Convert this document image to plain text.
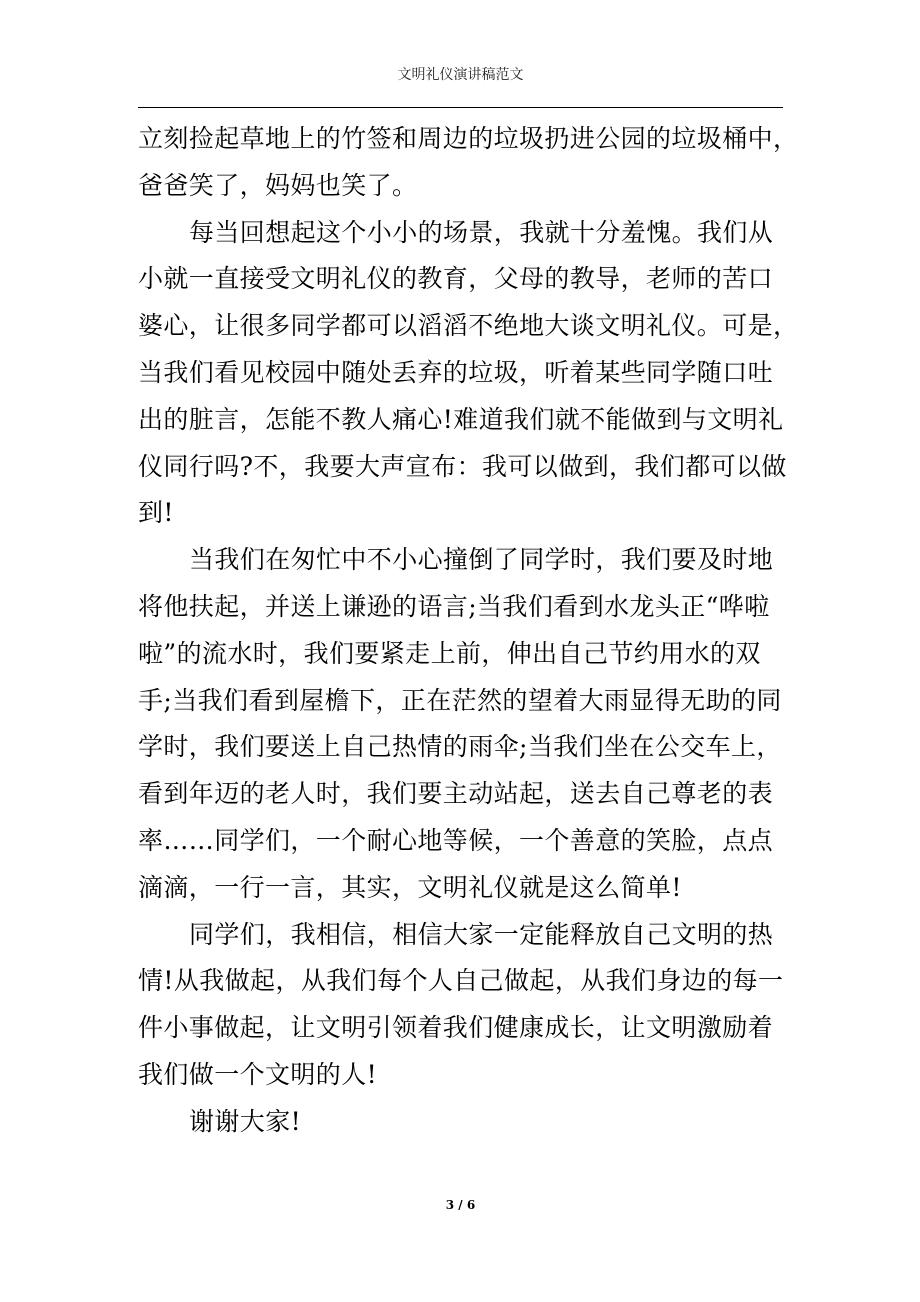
文明礼仪演讲稿范文
立刻捡起草地上的竹签和周边的垃圾扔进公园的垃圾桶中，
爸爸笑了，妈妈也笑了。
每当回想起这个小小的场景，我就十分羞愧。我们从
小就一直接受文明礼仪的教育，父母的教导，老师的苦口
婆心，让很多同学都可以滔滔不绝地大谈文明礼仪。可是，
当我们看见校园中随处丢弃的垃圾，听着某些同学随口吐
出的脏言，怎能不教人痛心!难道我们就不能做到与文明礼
仪同行吗?不，我要大声宣布：我可以做到，我们都可以做
到!
当我们在匆忙中不小心撞倒了同学时，我们要及时地
将他扶起，并送上谦逊的语言;当我们看到水龙头正“哗啦
啦”的流水时，我们要紧走上前，伸出自己节约用水的双
手;当我们看到屋檐下，正在茫然的望着大雨显得无助的同
学时，我们要送上自己热情的雨伞;当我们坐在公交车上，
看到年迈的老人时，我们要主动站起，送去自己尊老的表
率……同学们，一个耐心地等候，一个善意的笑脸，点点
滴滴，一行一言，其实，文明礼仪就是这么简单!
同学们，我相信，相信大家一定能释放自己文明的热
情!从我做起，从我们每个人自己做起，从我们身边的每一
件小事做起，让文明引领着我们健康成长，让文明激励着
我们做一个文明的人!
谢谢大家!
3 / 6
